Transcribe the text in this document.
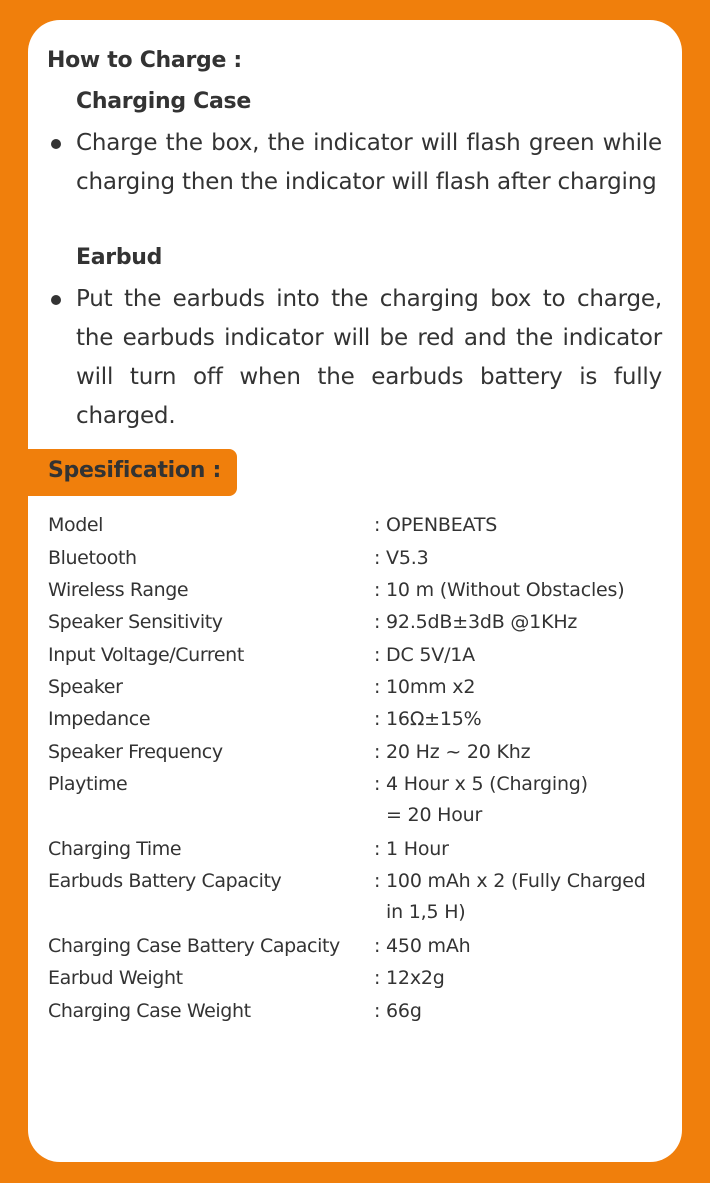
How to Charge :
Charging Case
Charge the box, the indicator will flash green while charging then the indicator will flash after charging
Earbud
Put the earbuds into the charging box to charge, the earbuds indicator will be red and the indicator will turn off when the earbuds battery is fully charged.
Spesification :
Model	: OPENBEATS
Bluetooth	: V5.3
Wireless Range	: 10 m (Without Obstacles)
Speaker Sensitivity	: 92.5dB±3dB @1KHz
Input Voltage/Current	: DC 5V/1A
Speaker	: 10mm x2
Impedance	: 16Ω±15%
Speaker Frequency	: 20 Hz ~ 20 Khz
Playtime	: 4 Hour x 5 (Charging)
= 20 Hour
Charging Time	: 1 Hour
Earbuds Battery Capacity	: 100 mAh x 2 (Fully Charged
in 1,5 H)
Charging Case Battery Capacity : 450 mAh
Earbud Weight	: 12x2g
Charging Case Weight	: 66g
